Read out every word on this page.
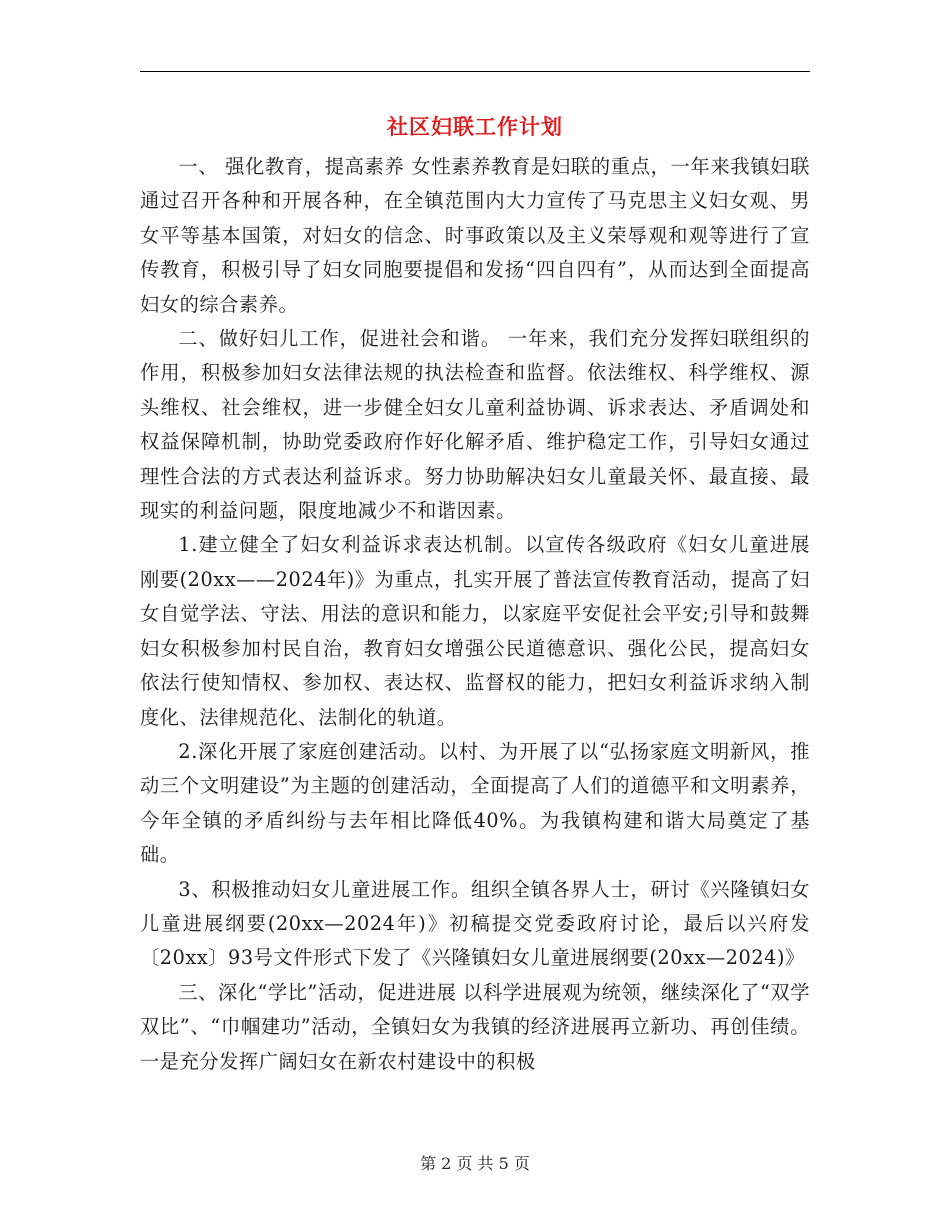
社区妇联工作计划

一、 强化教育，提高素养 女性素养教育是妇联的重点，一年来我镇妇联通过召开各种和开展各种，在全镇范围内大力宣传了马克思主义妇女观、男女平等基本国策，对妇女的信念、时事政策以及主义荣辱观和观等进行了宣传教育，积极引导了妇女同胞要提倡和发扬“四自四有”，从而达到全面提高妇女的综合素养。

二、做好妇儿工作，促进社会和谐。 一年来，我们充分发挥妇联组织的作用，积极参加妇女法律法规的执法检查和监督。依法维权、科学维权、源头维权、社会维权，进一步健全妇女儿童利益协调、诉求表达、矛盾调处和权益保障机制，协助党委政府作好化解矛盾、维护稳定工作，引导妇女通过理性合法的方式表达利益诉求。努力协助解决妇女儿童最关怀、最直接、最现实的利益问题，限度地减少不和谐因素。

1.建立健全了妇女利益诉求表达机制。以宣传各级政府《妇女儿童进展刚要(20xx——2024年)》为重点，扎实开展了普法宣传教育活动，提高了妇女自觉学法、守法、用法的意识和能力，以家庭平安促社会平安;引导和鼓舞妇女积极参加村民自治，教育妇女增强公民道德意识、强化公民，提高妇女依法行使知情权、参加权、表达权、监督权的能力，把妇女利益诉求纳入制度化、法律规范化、法制化的轨道。

2.深化开展了家庭创建活动。以村、为开展了以“弘扬家庭文明新风，推动三个文明建设”为主题的创建活动，全面提高了人们的道德平和文明素养，今年全镇的矛盾纠纷与去年相比降低40%。为我镇构建和谐大局奠定了基础。

3、积极推动妇女儿童进展工作。组织全镇各界人士，研讨《兴隆镇妇女儿童进展纲要(20xx—2024年)》初稿提交党委政府讨论，最后以兴府发〔20xx〕93号文件形式下发了《兴隆镇妇女儿童进展纲要(20xx—2024)》

三、深化“学比”活动，促进进展 以科学进展观为统领，继续深化了“双学双比”、“巾帼建功”活动，全镇妇女为我镇的经济进展再立新功、再创佳绩。一是充分发挥广阔妇女在新农村建设中的积极

第 2 页 共 5 页
